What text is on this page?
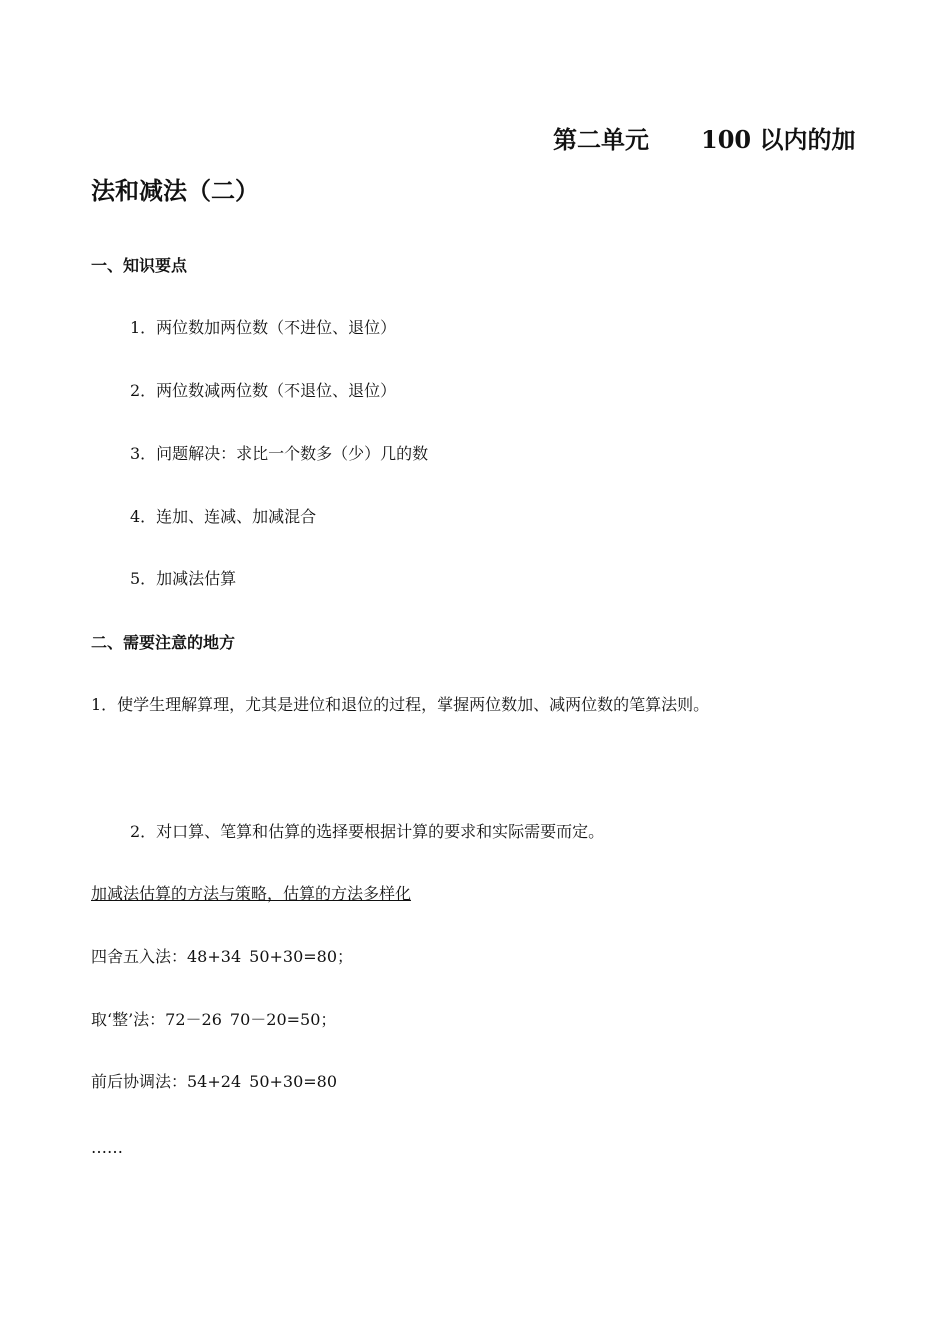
第二单元 100 以内的加
法和减法（二）
一、知识要点
1．两位数加两位数（不进位、退位）
2．两位数减两位数（不退位、退位）
3．问题解决：求比一个数多（少）几的数
4．连加、连减、加减混合
5．加减法估算
二、需要注意的地方
1．使学生理解算理，尤其是进位和退位的过程，掌握两位数加、减两位数的笔算法则。
2．对口算、笔算和估算的选择要根据计算的要求和实际需要而定。
加减法估算的方法与策略，估算的方法多样化
四舍五入法：48+34 50+30=80；
取‘整’法：72－26 70－20=50；
前后协调法：54+24 50+30=80
……
